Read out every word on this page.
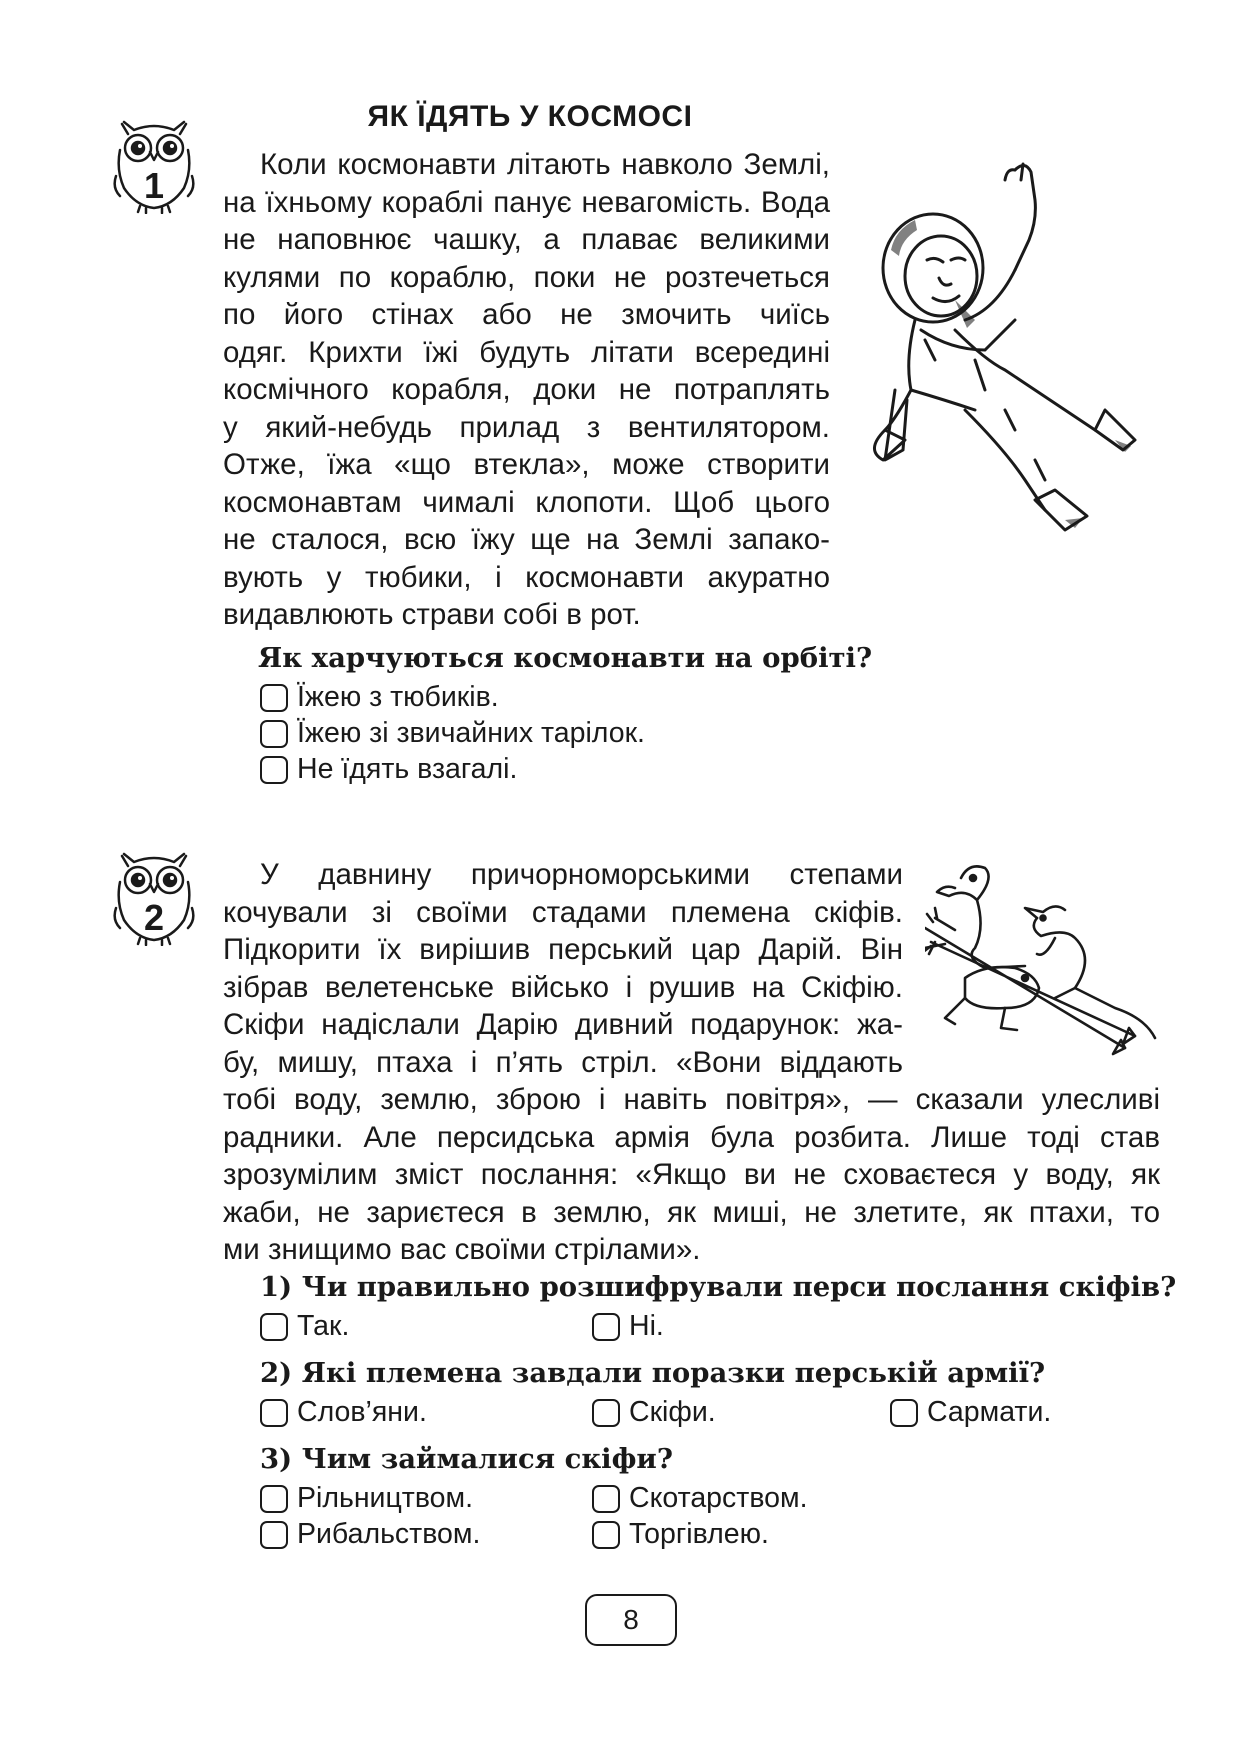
1
ЯК ЇДЯТЬ У КОСМОСІ
Коли космонавти літають навколо Землі,
на їхньому кораблі панує невагомість. Вода
не наповнює чашку, а плаває великими
кулями по кораблю, поки не розтечеться
по його стінах або не змочить чиїсь
одяг. Крихти їжі будуть літати всередині
космічного корабля, доки не потраплять
у який-небудь прилад з вентилятором.
Отже, їжа «що втекла», може створити
космонавтам чималі клопоти. Щоб цього
не сталося, всю їжу ще на Землі запако-
вують у тюбики, і космонавти акуратно
видавлюють страви собі в рот.
Як харчуються космонавти на орбіті?
Їжею з тюбиків.
Їжею зі звичайних тарілок.
Не їдять взагалі.
2
У давнину причорноморськими степами
кочували зі своїми стадами племена скіфів.
Підкорити їх вирішив перський цар Дарій. Він
зібрав велетенське військо і рушив на Скіфію.
Скіфи надіслали Дарію дивний подарунок: жа-
бу, мишу, птаха і п’ять стріл. «Вони віддають
тобі воду, землю, зброю і навіть повітря», — сказали улесливі
радники. Але персидська армія була розбита. Лише тоді став
зрозумілим зміст послання: «Якщо ви не сховаєтеся у воду, як
жаби, не зариєтеся в землю, як миші, не злетите, як птахи, то
ми знищимо вас своїми стрілами».
1) Чи правильно розшифрували перси послання скіфів?
Так.	Ні.
2) Які племена завдали поразки перській армії?
Слов’яни.	Скіфи.	Сармати.
3) Чим займалися скіфи?
Рільництвом.	Скотарством.
Рибальством.	Торгівлею.
8
